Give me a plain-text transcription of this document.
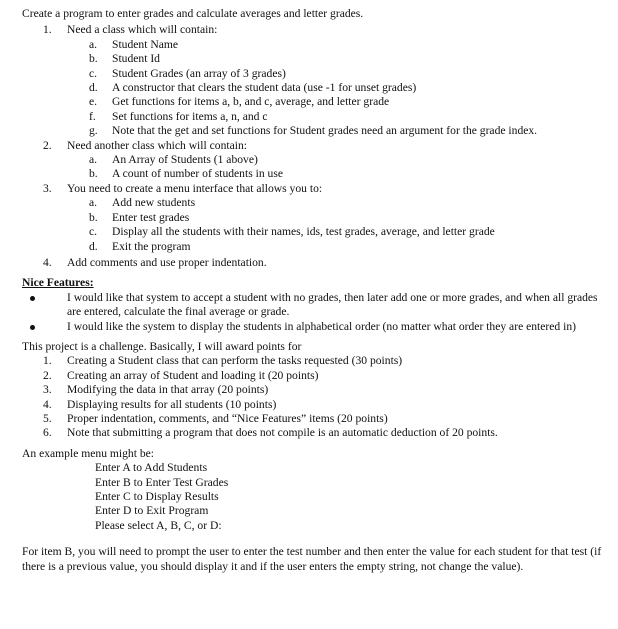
Create a program to enter grades and calculate averages and letter grades.

1.	Need a class which will contain:
a.	Student Name
b.	Student Id
c.	Student Grades (an array of 3 grades)
d.	A constructor that clears the student data (use -1 for unset grades)
e.	Get functions for items a, b, and c, average, and letter grade
f.	Set functions for items a, n, and c
g.	Note that the get and set functions for Student grades need an argument for the grade index.
2.	Need another class which will contain:
a.	An Array of Students (1 above)
b.	A count of number of students in use
3.	You need to create a menu interface that allows you to:
a.	Add new students
b.	Enter test grades
c.	Display all the students with their names, ids, test grades, average, and letter grade
d.	Exit the program
4.	Add comments and use proper indentation.

Nice Features:

I would like that system to accept a student with no grades, then later add one or more grades, and when all grades are entered, calculate the final average or grade.
I would like the system to display the students in alphabetical order (no matter what order they are entered in)

This project is a challenge. Basically, I will award points for

1.	Creating a Student class that can perform the tasks requested (30 points)
2.	Creating an array of Student and loading it (20 points)
3.	Modifying the data in that array (20 points)
4.	Displaying results for all students (10 points)
5.	Proper indentation, comments, and “Nice Features” items (20 points)
6.	Note that submitting a program that does not compile is an automatic deduction of 20 points.

An example menu might be:

Enter A to Add Students
Enter B to Enter Test Grades
Enter C to Display Results
Enter D to Exit Program
Please select A, B, C, or D:

For item B, you will need to prompt the user to enter the test number and then enter the value for each student for that test (if there is a previous value, you should display it and if the user enters the empty string, not change the value).
